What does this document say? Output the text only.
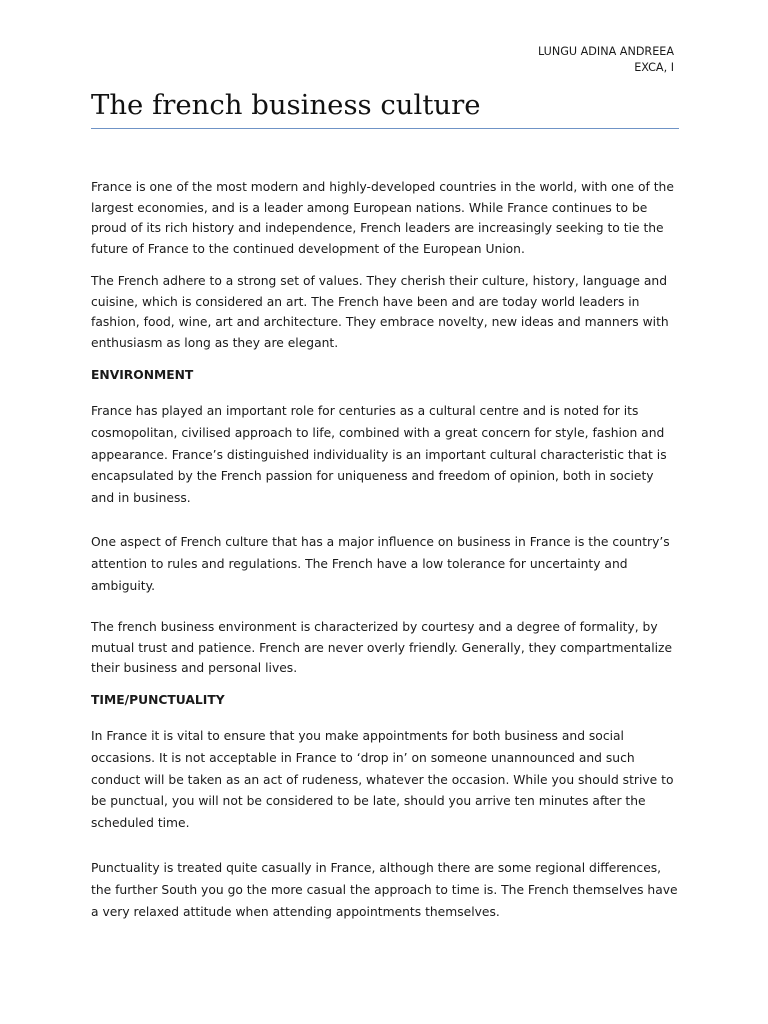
LUNGU ADINA ANDREEA
EXCA, I
The french business culture

France is one of the most modern and highly-developed countries in the world, with one of the largest economies, and is a leader among European nations. While France continues to be proud of its rich history and independence, French leaders are increasingly seeking to tie the future of France to the continued development of the European Union.

The French adhere to a strong set of values. They cherish their culture, history, language and cuisine, which is considered an art. The French have been and are today world leaders in fashion, food, wine, art and architecture. They embrace novelty, new ideas and manners with enthusiasm as long as they are elegant.

ENVIRONMENT

France has played an important role for centuries as a cultural centre and is noted for its cosmopolitan, civilised approach to life, combined with a great concern for style, fashion and appearance. France’s distinguished individuality is an important cultural characteristic that is encapsulated by the French passion for uniqueness and freedom of opinion, both in society and in business.

One aspect of French culture that has a major influence on business in France is the country’s attention to rules and regulations. The French have a low tolerance for uncertainty and ambiguity.

The french business environment is characterized by courtesy and a degree of formality, by mutual trust and patience. French are never overly friendly. Generally, they compartmentalize their business and personal lives.

TIME/PUNCTUALITY

In France it is vital to ensure that you make appointments for both business and social occasions. It is not acceptable in France to ‘drop in’ on someone unannounced and such conduct will be taken as an act of rudeness, whatever the occasion. While you should strive to be punctual, you will not be considered to be late, should you arrive ten minutes after the scheduled time.

Punctuality is treated quite casually in France, although there are some regional differences, the further South you go the more casual the approach to time is. The French themselves have a very relaxed attitude when attending appointments themselves.
